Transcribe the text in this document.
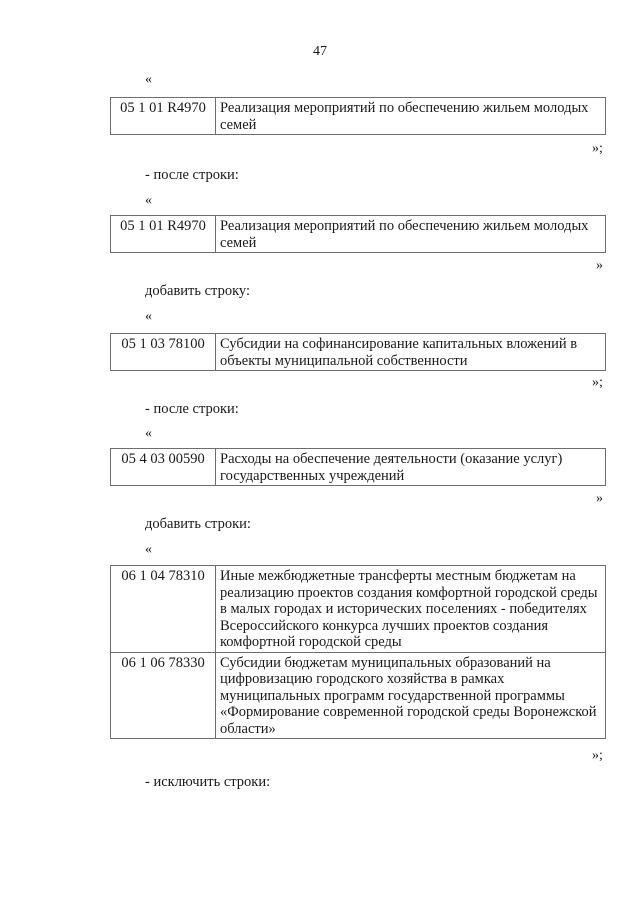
47
«
05 1 01 R4970	Реализация мероприятий по обеспечению жильем молодых семей
»;
- после строки:
«
05 1 01 R4970	Реализация мероприятий по обеспечению жильем молодых семей
»
добавить строку:
«
05 1 03 78100	Субсидии на софинансирование капитальных вложений в объекты муниципальной собственности
»;
- после строки:
«
05 4 03 00590	Расходы на обеспечение деятельности (оказание услуг) государственных учреждений
»
добавить строки:
«
06 1 04 78310	Иные межбюджетные трансферты местным бюджетам на реализацию проектов создания комфортной городской среды в малых городах и исторических поселениях - победителях Всероссийского конкурса лучших проектов создания комфортной городской среды
06 1 06 78330	Субсидии бюджетам муниципальных образований на цифровизацию городского хозяйства в рамках муниципальных программ государственной программы «Формирование современной городской среды Воронежской области»
»;
- исключить строки:
